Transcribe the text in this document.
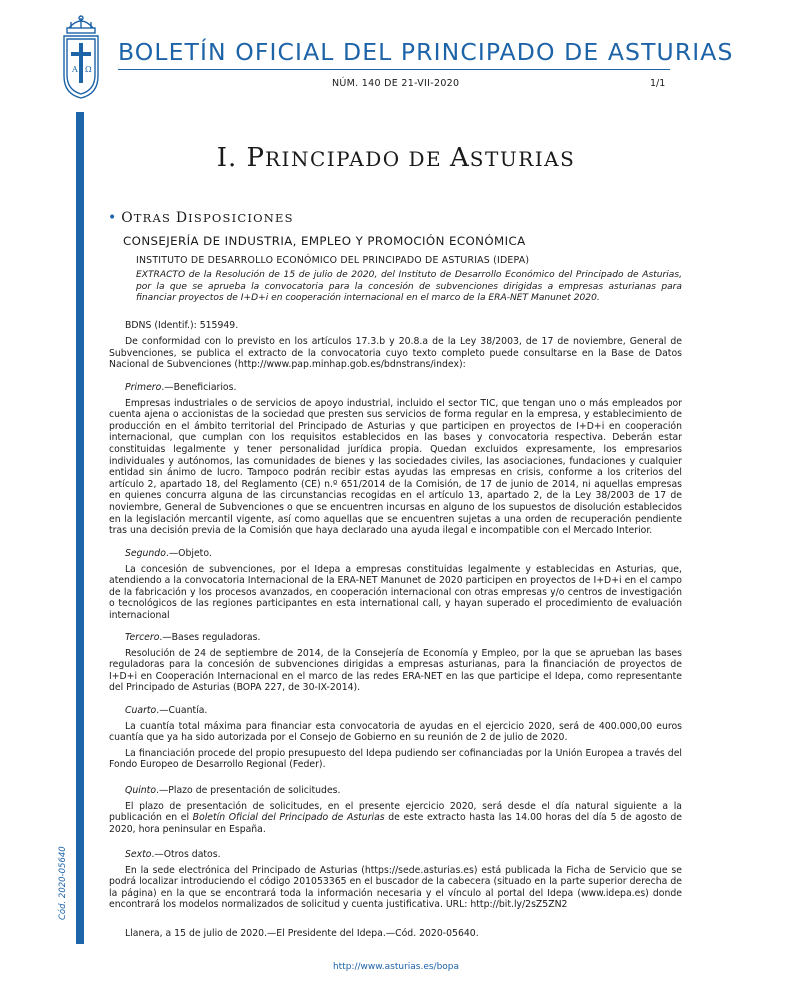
A Ω
Cód. 2020-05640
BOLETÍN OFICIAL DEL PRINCIPADO DE ASTURIAS
NÚM. 140 DE 21-VII-2020	1/1
I. PRINCIPADO DE ASTURIAS
• OTRAS DISPOSICIONES
CONSEJERÍA DE INDUSTRIA, EMPLEO Y PROMOCIÓN ECONÓMICA
INSTITUTO DE DESARROLLO ECONÓMICO DEL PRINCIPADO DE ASTURIAS (IDEPA)
EXTRACTO de la Resolución de 15 de julio de 2020, del Instituto de Desarrollo Económico del Principado de Asturias, por la que se aprueba la convocatoria para la concesión de subvenciones dirigidas a empresas asturianas para financiar proyectos de I+D+i en cooperación internacional en el marco de la ERA-NET Manunet 2020.
BDNS (Identif.): 515949.

De conformidad con lo previsto en los artículos 17.3.b y 20.8.a de la Ley 38/2003, de 17 de noviembre, General de Subvenciones, se publica el extracto de la convocatoria cuyo texto completo puede consultarse en la Base de Datos Nacional de Subvenciones (http://www.pap.minhap.gob.es/bdnstrans/index):

Primero.—Beneficiarios.

Empresas industriales o de servicios de apoyo industrial, incluido el sector TIC, que tengan uno o más empleados por cuenta ajena o accionistas de la sociedad que presten sus servicios de forma regular en la empresa, y establecimiento de producción en el ámbito territorial del Principado de Asturias y que participen en proyectos de I+D+i en cooperación internacional, que cumplan con los requisitos establecidos en las bases y convocatoria respectiva. Deberán estar constituidas legalmente y tener personalidad jurídica propia. Quedan excluidos expresamente, los empresarios individuales y autónomos, las comunidades de bienes y las sociedades civiles, las asociaciones, fundaciones y cualquier entidad sin ánimo de lucro. Tampoco podrán recibir estas ayudas las empresas en crisis, conforme a los criterios del artículo 2, apartado 18, del Reglamento (CE) n.º 651/2014 de la Comisión, de 17 de junio de 2014, ni aquellas empresas en quienes concurra alguna de las circunstancias recogidas en el artículo 13, apartado 2, de la Ley 38/2003 de 17 de noviembre, General de Subvenciones o que se encuentren incursas en alguno de los supuestos de disolución establecidos en la legislación mercantil vigente, así como aquellas que se encuentren sujetas a una orden de recuperación pendiente tras una decisión previa de la Comisión que haya declarado una ayuda ilegal e incompatible con el Mercado Interior.

Segundo.—Objeto.

La concesión de subvenciones, por el Idepa a empresas constituidas legalmente y establecidas en Asturias, que, atendiendo a la convocatoria Internacional de la ERA-NET Manunet de 2020 participen en proyectos de I+D+i en el campo de la fabricación y los procesos avanzados, en cooperación internacional con otras empresas y/o centros de investigación o tecnológicos de las regiones participantes en esta international call, y hayan superado el procedimiento de evaluación internacional

Tercero.—Bases reguladoras.

Resolución de 24 de septiembre de 2014, de la Consejería de Economía y Empleo, por la que se aprueban las bases reguladoras para la concesión de subvenciones dirigidas a empresas asturianas, para la financiación de proyectos de I+D+i en Cooperación Internacional en el marco de las redes ERA-NET en las que participe el Idepa, como representante del Principado de Asturias (BOPA 227, de 30-IX-2014).

Cuarto.—Cuantía.

La cuantía total máxima para financiar esta convocatoria de ayudas en el ejercicio 2020, será de 400.000,00 euros cuantía que ya ha sido autorizada por el Consejo de Gobierno en su reunión de 2 de julio de 2020.

La financiación procede del propio presupuesto del Idepa pudiendo ser cofinanciadas por la Unión Europea a través del Fondo Europeo de Desarrollo Regional (Feder).

Quinto.—Plazo de presentación de solicitudes.

El plazo de presentación de solicitudes, en el presente ejercicio 2020, será desde el día natural siguiente a la publicación en el Boletín Oficial del Principado de Asturias de este extracto hasta las 14.00 horas del día 5 de agosto de 2020, hora peninsular en España.

Sexto.—Otros datos.

En la sede electrónica del Principado de Asturias (https://sede.asturias.es) está publicada la Ficha de Servicio que se podrá localizar introduciendo el código 201053365 en el buscador de la cabecera (situado en la parte superior derecha de la página) en la que se encontrará toda la información necesaria y el vínculo al portal del Idepa (www.idepa.es) donde encontrará los modelos normalizados de solicitud y cuenta justificativa. URL: http://bit.ly/2sZ5ZN2

Llanera, a 15 de julio de 2020.—El Presidente del Idepa.—Cód. 2020-05640.

http://www.asturias.es/bopa
